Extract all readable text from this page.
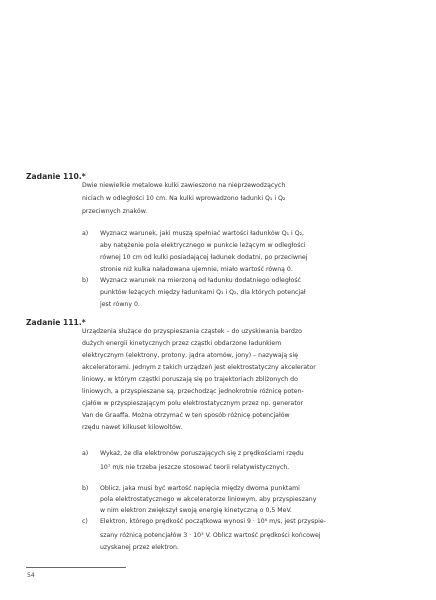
Zadanie 110.*
Dwie niewielkie metalowe kulki zawieszono na nieprzewodzących
niciach w odległości 10 cm. Na kulki wprowadzono ładunki Q₁ i Q₂
przeciwnych znaków.
a) Wyznacz warunek, jaki muszą spełniać wartości ładunków Q₁ i Q₂,
aby natężenie pola elektrycznego w punkcie leżącym w odległości
równej 10 cm od kulki posiadającej ładunek dodatni, po przeciwnej
stronie niż kulka naładowana ujemnie, miało wartość równą 0.
b) Wyznacz warunek na mierzoną od ładunku dodatniego odległość
punktów leżących między ładunkami Q₁ i Q₂, dla których potencjał
jest równy 0.
Zadanie 111.*
Urządzenia służące do przyspieszania cząstek – do uzyskiwania bardzo
dużych energii kinetycznych przez cząstki obdarzone ładunkiem
elektrycznym (elektrony, protony, jądra atomów, jony) – nazywają się
akceleratorami. Jednym z takich urządzeń jest elektrostatyczny akcelerator
liniowy, w którym cząstki poruszają się po trajektoriach zbliżonych do
liniowych, a przyspieszane są, przechodząc jednokrotnie różnicę poten-
cjałów w przyspieszającym polu elektrostatycznym przez np. generator
Van de Graaffa. Można otrzymać w ten sposób różnicę potencjałów
rzędu nawet kilkuset kilowoltów.
a) Wykaż, że dla elektronów poruszających się z prędkościami rzędu
10⁷ m/s nie trzeba jeszcze stosować teorii relatywistycznych.
b) Oblicz, jaka musi być wartość napięcia między dwoma punktami
pola elektrostatycznego w akceleratorze liniowym, aby przyspieszany
w nim elektron zwiększył swoją energię kinetyczną o 0,5 MeV.
c) Elektron, którego prędkość początkowa wynosi 9 · 10⁶ m/s, jest przyspie-
szany różnicą potencjałów 3 · 10³ V. Oblicz wartość prędkości końcowej
uzyskanej przez elektron.
54
